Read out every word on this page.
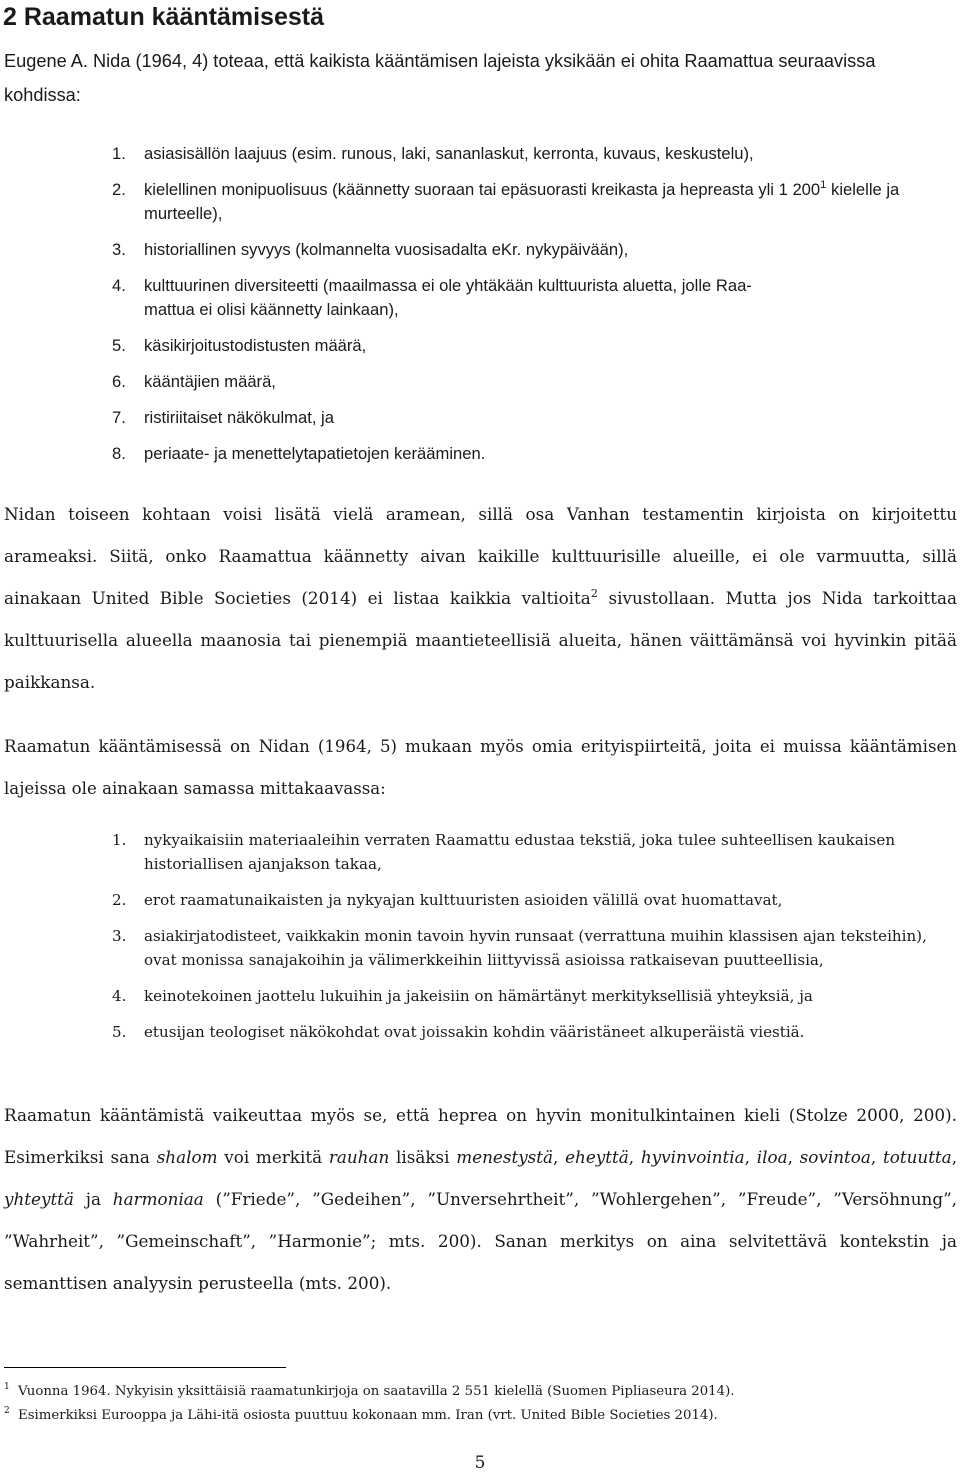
2 Raamatun kääntämisestä

Eugene A. Nida (1964, 4) toteaa, että kaikista kääntämisen lajeista yksikään ei ohita Raamattua seuraavissa kohdissa:

1. asiasisällön laajuus (esim. runous, laki, sananlaskut, kerronta, kuvaus, keskustelu),
2. kielellinen monipuolisuus (käännetty suoraan tai epäsuorasti kreikasta ja hepreasta yli 1 $200^1$ kielelle ja murteelle),
3. historiallinen syvyys (kolmannelta vuosisadalta eKr. nykypäivään),
4. kulttuurinen diversiteetti (maailmassa ei ole yhtäkään kulttuurista aluetta, jolle Raa-
mattua ei olisi käännetty lainkaan),
5. käsikirjoitustodistusten määrä,
6. kääntäjien määrä,
7. ristiriitaiset näkökulmat, ja
8. periaate- ja menettelytapatietojen kerääminen.

Nidan toiseen kohtaan voisi lisätä vielä aramean, sillä osa Vanhan testamentin kirjoista on kirjoitettu arameaksi. Siitä, onko Raamattua käännetty aivan kaikille kulttuurisille alueille, ei ole varmuutta, sillä ainakaan United Bible Societies (2014) ei listaa kaikkia valtioita$^2$ sivustollaan. Mutta jos Nida tarkoittaa kulttuurisella alueella maanosia tai pienempiä maantieteellisiä alueita, hänen väittämänsä voi hyvinkin pitää paikkansa.

Raamatun kääntämisessä on Nidan (1964, 5) mukaan myös omia erityispiirteitä, joita ei muissa kääntämisen lajeissa ole ainakaan samassa mittakaavassa:

1. nykyaikaisiin materiaaleihin verraten Raamattu edustaa tekstiä, joka tulee suhteellisen kaukaisen historiallisen ajanjakson takaa,
2. erot raamatunaikaisten ja nykyajan kulttuuristen asioiden välillä ovat huomattavat,
3. asiakirjatodisteet, vaikkakin monin tavoin hyvin runsaat (verrattuna muihin klassisen ajan teksteihin), ovat monissa sanajakoihin ja välimerkkeihin liittyvissä asioissa ratkaisevan puutteellisia,
4. keinotekoinen jaottelu lukuihin ja jakeisiin on hämärtänyt merkityksellisiä yhteyksiä, ja
5. etusijan teologiset näkökohdat ovat joissakin kohdin vääristäneet alkuperäistä viestiä.

Raamatun kääntämistä vaikeuttaa myös se, että heprea on hyvin monitulkintainen kieli (Stolze 2000, 200). Esimerkiksi sana shalom voi merkitä rauhan lisäksi menestystä, eheyttä, hyvinvointia, iloa, sovintoa, totuutta, yhteyttä ja harmoniaa (”Friede”, ”Gedeihen”, ”Unversehrtheit”, ”Wohlergehen”, ”Freude”, ”Versöhnung”, ”Wahrheit”, ”Gemeinschaft”, ”Harmonie”; mts. 200). Sanan merkitys on aina selvitettävä kontekstin ja semanttisen analyysin perusteella (mts. 200).

$^1$ Vuonna 1964. Nykyisin yksittäisiä raamatunkirjoja on saatavilla 2 551 kielellä (Suomen Pipliaseura 2014).

$^2$ Esimerkiksi Eurooppa ja Lähi-itä osiosta puuttuu kokonaan mm. Iran (vrt. United Bible Societies 2014).

5
